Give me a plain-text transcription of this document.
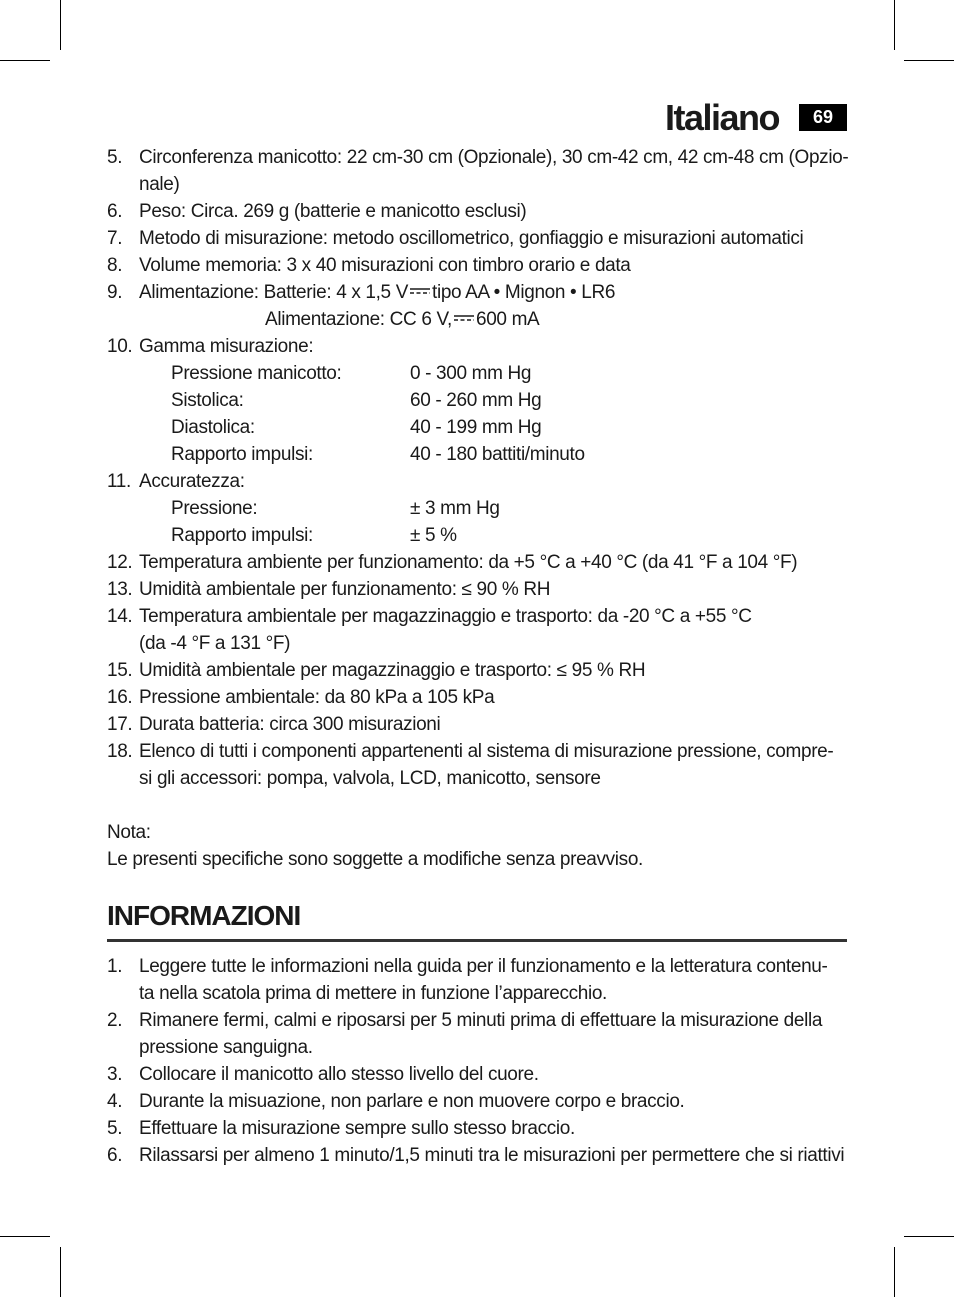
Italiano	69
5. Circonferenza manicotto: 22 cm-30 cm (Opzionale), 30 cm-42 cm, 42 cm-48 cm (Opzio-
nale)
6. Peso: Circa. 269 g (batterie e manicotto esclusi)
7. Metodo di misurazione: metodo oscillometrico, gonfiaggio e misurazioni automatici
8. Volume memoria: 3 x 40 misurazioni con timbro orario e data
9. Alimentazione: Batterie: 4 x 1,5 V tipo AA • Mignon • LR6
Alimentazione: CC 6 V, 600 mA
10. Gamma misurazione:
Pressione manicotto:	0 - 300 mm Hg
Sistolica:	60 - 260 mm Hg
Diastolica:	40 - 199 mm Hg
Rapporto impulsi:	40 - 180 battiti/minuto
11. Accuratezza:
Pressione:	± 3 mm Hg
Rapporto impulsi:	± 5 %
12. Temperatura ambiente per funzionamento: da +5 °C a +40 °C (da 41 °F a 104 °F)
13. Umidità ambientale per funzionamento: ≤ 90 % RH
14. Temperatura ambientale per magazzinaggio e trasporto: da -20 °C a +55 °C
(da -4 °F a 131 °F)
15. Umidità ambientale per magazzinaggio e trasporto: ≤ 95 % RH
16. Pressione ambientale: da 80 kPa a 105 kPa
17. Durata batteria: circa 300 misurazioni
18. Elenco di tutti i componenti appartenenti al sistema di misurazione pressione, compre-
si gli accessori: pompa, valvola, LCD, manicotto, sensore
Nota:
Le presenti specifiche sono soggette a modifiche senza preavviso.
INFORMAZIONI
1. Leggere tutte le informazioni nella guida per il funzionamento e la letteratura contenu-
ta nella scatola prima di mettere in funzione l’apparecchio.
2. Rimanere fermi, calmi e riposarsi per 5 minuti prima di effettuare la misurazione della
pressione sanguigna.
3. Collocare il manicotto allo stesso livello del cuore.
4. Durante la misuazione, non parlare e non muovere corpo e braccio.
5. Effettuare la misurazione sempre sullo stesso braccio.
6. Rilassarsi per almeno 1 minuto/1,5 minuti tra le misurazioni per permettere che si riattivi
